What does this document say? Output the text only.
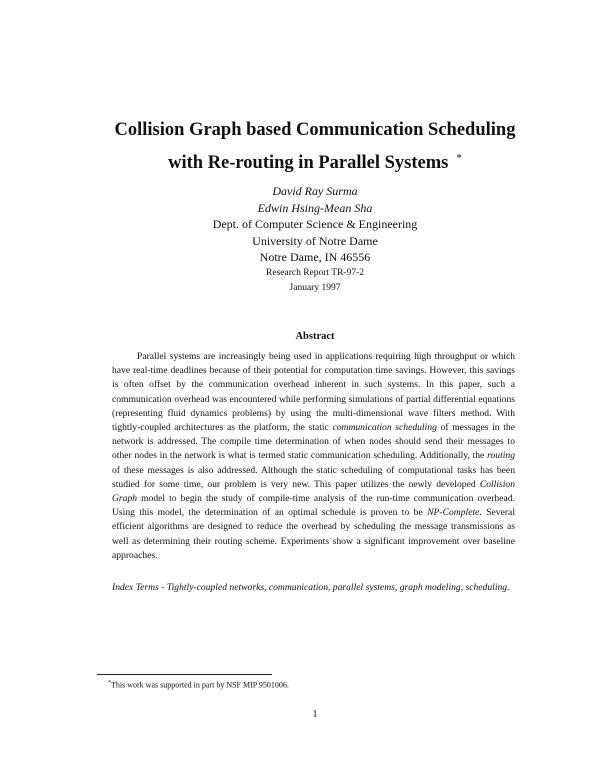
Collision Graph based Communication Scheduling
with Re-routing in Parallel Systems *
David Ray Surma
Edwin Hsing-Mean Sha
Dept. of Computer Science & Engineering
University of Notre Dame
Notre Dame, IN 46556
Research Report TR-97-2
January 1997
Abstract

Parallel systems are increasingly being used in applications requiring high throughput or which have real-time deadlines because of their potential for computation time savings. However, this savings is often offset by the communication overhead inherent in such systems. In this paper, such a communication overhead was encountered while performing simulations of partial differential equations (representing fluid dynamics problems) by using the multi-dimensional wave filters method. With tightly-coupled architectures as the platform, the static communication scheduling of messages in the network is addressed. The compile time determination of when nodes should send their messages to other nodes in the network is what is termed static communication scheduling. Additionally, the routing of these messages is also addressed. Although the static scheduling of computational tasks has been studied for some time, our problem is very new. This paper utilizes the newly developed Collision Graph model to begin the study of compile-time analysis of the run-time communication overhead. Using this model, the determination of an optimal schedule is proven to be NP-Complete. Several efficient algorithms are designed to reduce the overhead by scheduling the message transmissions as well as determining their routing scheme. Experiments show a significant improvement over baseline approaches.

Index Terms - Tightly-coupled networks, communication, parallel systems, graph modeling, scheduling.

*This work was supported in part by NSF MIP 9501006.
1
